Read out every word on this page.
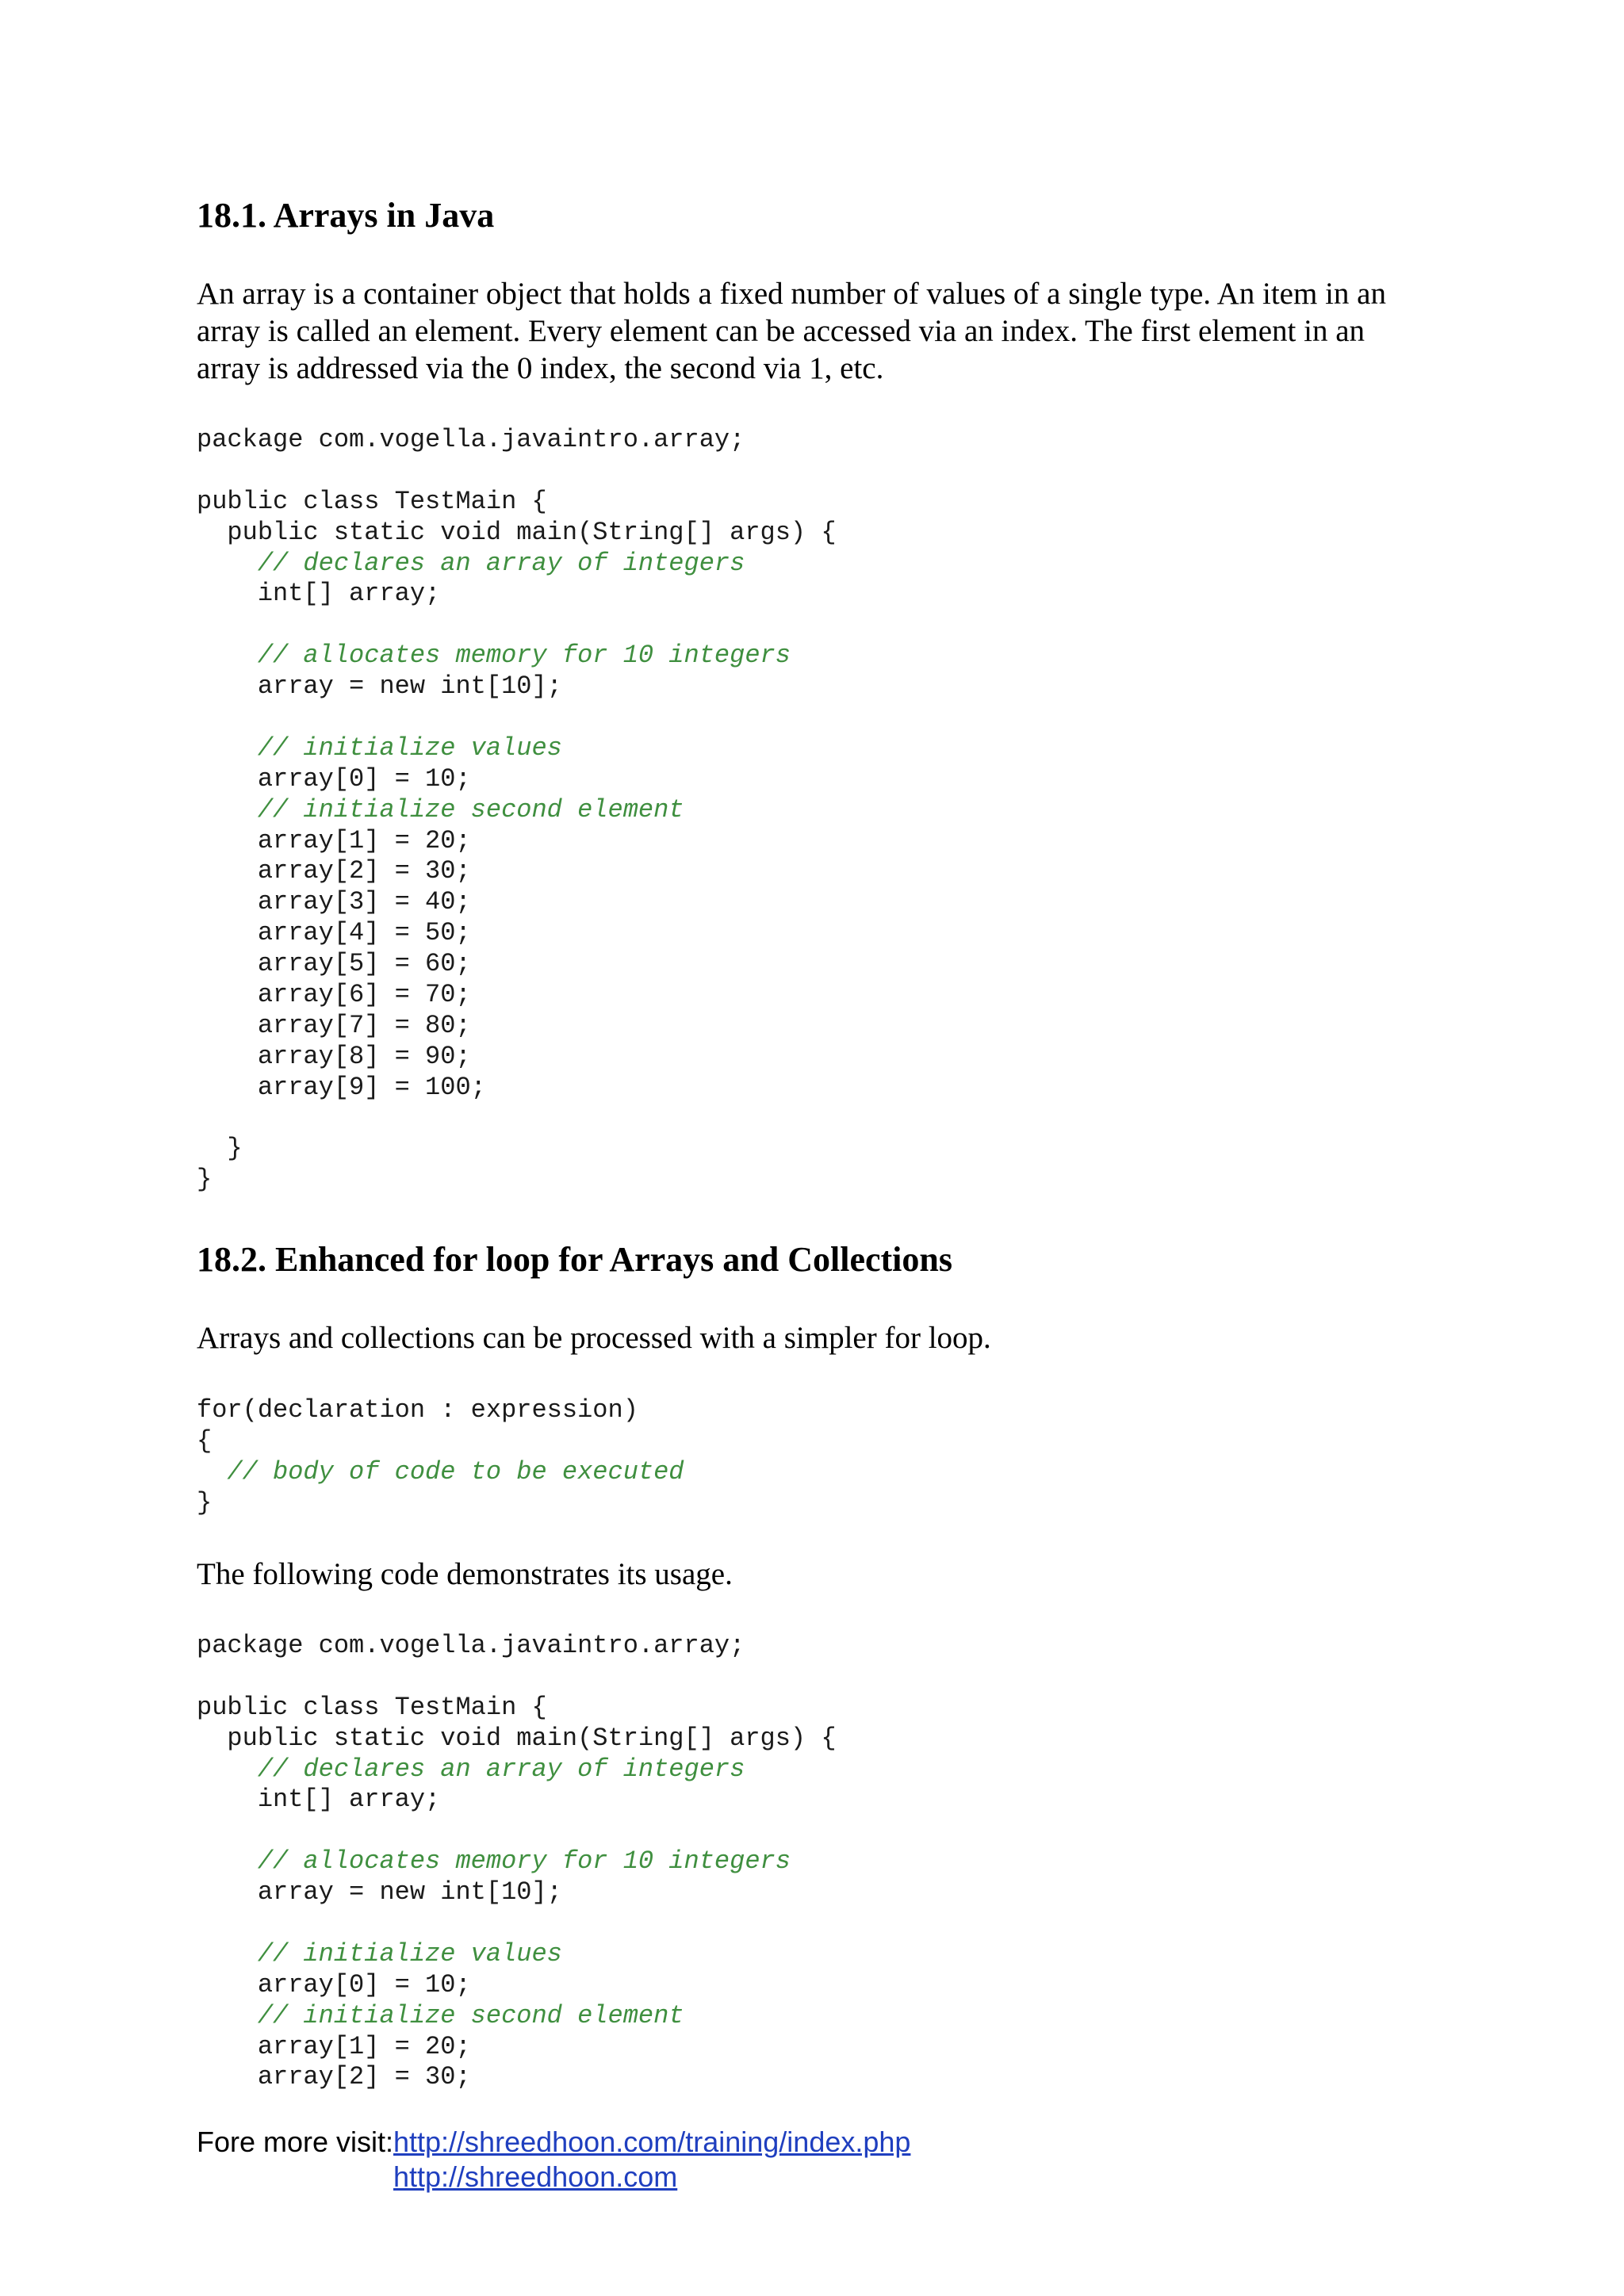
18.1. Arrays in Java

An array is a container object that holds a fixed number of values of a single type. An item in an array is called an element. Every element can be accessed via an index. The first element in an array is addressed via the 0 index, the second via 1, etc.

package com.vogella.javaintro.array;
public class TestMain {
public static void main(String[] args) {
// declares an array of integers
int[] array;
// allocates memory for 10 integers
array = new int[10];
// initialize values
array[0] = 10;
// initialize second element
array[1] = 20;
array[2] = 30;
array[3] = 40;
array[4] = 50;
array[5] = 60;
array[6] = 70;
array[7] = 80;
array[8] = 90;
array[9] = 100;
}
}
18.2. Enhanced for loop for Arrays and Collections

Arrays and collections can be processed with a simpler for loop.

for(declaration : expression)
{
// body of code to be executed
}

The following code demonstrates its usage.

package com.vogella.javaintro.array;
public class TestMain {
public static void main(String[] args) {
// declares an array of integers
int[] array;
// allocates memory for 10 integers
array = new int[10];
// initialize values
array[0] = 10;
// initialize second element
array[1] = 20;
array[2] = 30;
Fore more visit:http://shreedhoon.com/training/index.php
http://shreedhoon.com
